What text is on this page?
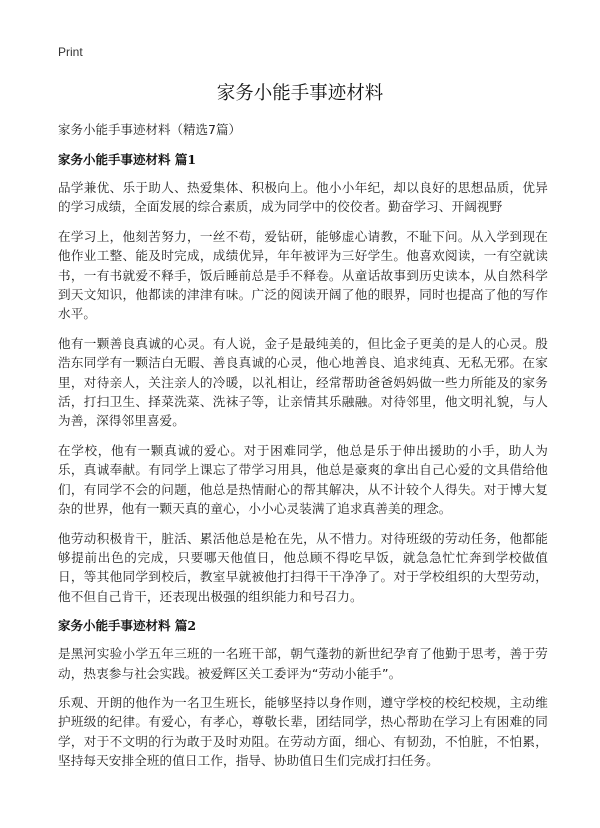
Print
家务小能手事迹材料
家务小能手事迹材料（精选7篇）
家务小能手事迹材料 篇1

品学兼优、乐于助人、热爱集体、积极向上。他小小年纪，却以良好的思想品质，优异的学习成绩，全面发展的综合素质，成为同学中的佼佼者。勤奋学习、开阔视野

在学习上，他刻苦努力，一丝不苟，爱钻研，能够虚心请教，不耻下问。从入学到现在他作业工整、能及时完成，成绩优异，年年被评为三好学生。他喜欢阅读，一有空就读书，一有书就爱不释手，饭后睡前总是手不释卷。从童话故事到历史读本，从自然科学到天文知识，他都读的津津有味。广泛的阅读开阔了他的眼界，同时也提高了他的写作水平。

他有一颗善良真诚的心灵。有人说，金子是最纯美的，但比金子更美的是人的心灵。殷浩东同学有一颗洁白无暇、善良真诚的心灵，他心地善良、追求纯真、无私无邪。在家里，对待亲人，关注亲人的冷暖，以礼相让，经常帮助爸爸妈妈做一些力所能及的家务活，打扫卫生、择菜洗菜、洗袜子等，让亲情其乐融融。对待邻里，他文明礼貌，与人为善，深得邻里喜爱。

在学校，他有一颗真诚的爱心。对于困难同学，他总是乐于伸出援助的小手，助人为乐，真诚奉献。有同学上课忘了带学习用具，他总是豪爽的拿出自己心爱的文具借给他们，有同学不会的问题，他总是热情耐心的帮其解决，从不计较个人得失。对于博大复杂的世界，他有一颗天真的童心，小小心灵装满了追求真善美的理念。

他劳动积极肯干，脏活、累活他总是枪在先，从不惜力。对待班级的劳动任务，他都能够提前出色的完成，只要哪天他值日，他总顾不得吃早饭，就急急忙忙奔到学校做值日，等其他同学到校后，教室早就被他打扫得干干净净了。对于学校组织的大型劳动，他不但自己肯干，还表现出极强的组织能力和号召力。

家务小能手事迹材料 篇2

是黑河实验小学五年三班的一名班干部，朝气蓬勃的新世纪孕育了他勤于思考，善于劳动，热衷参与社会实践。被爱辉区关工委评为“劳动小能手”。

乐观、开朗的他作为一名卫生班长，能够坚持以身作则，遵守学校的校纪校规，主动维护班级的纪律。有爱心，有孝心，尊敬长辈，团结同学，热心帮助在学习上有困难的同学，对于不文明的行为敢于及时劝阻。在劳动方面，细心、有韧劲，不怕脏，不怕累，坚持每天安排全班的值日工作，指导、协助值日生们完成打扫任务。
